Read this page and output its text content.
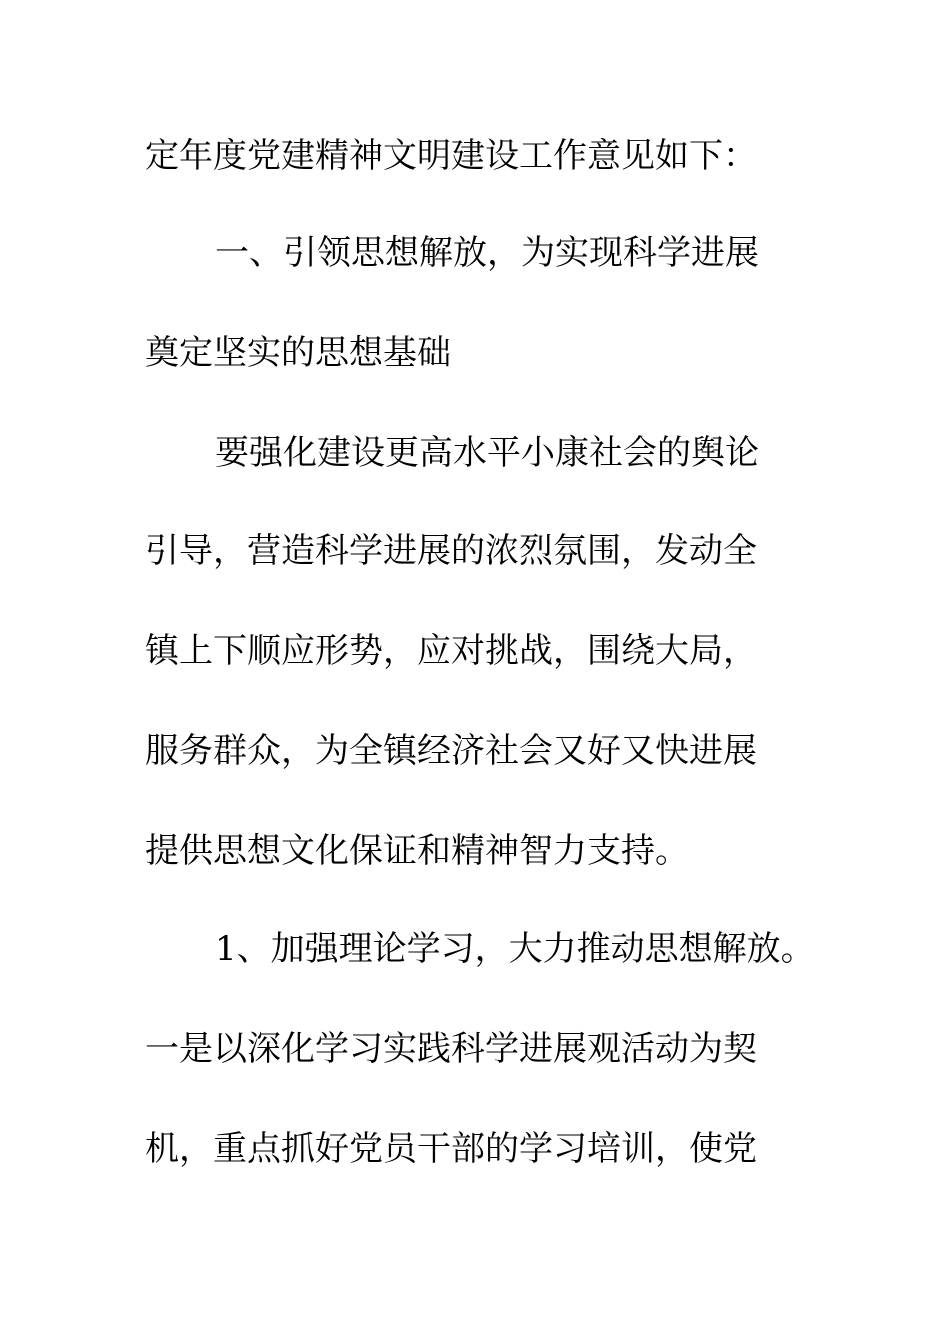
定年度党建精神文明建设工作意见如下：
一、引领思想解放，为实现科学进展
奠定坚实的思想基础
要强化建设更高水平小康社会的舆论
引导，营造科学进展的浓烈氛围，发动全
镇上下顺应形势，应对挑战，围绕大局，
服务群众，为全镇经济社会又好又快进展
提供思想文化保证和精神智力支持。
1、加强理论学习，大力推动思想解放。
一是以深化学习实践科学进展观活动为契
机，重点抓好党员干部的学习培训，使党
